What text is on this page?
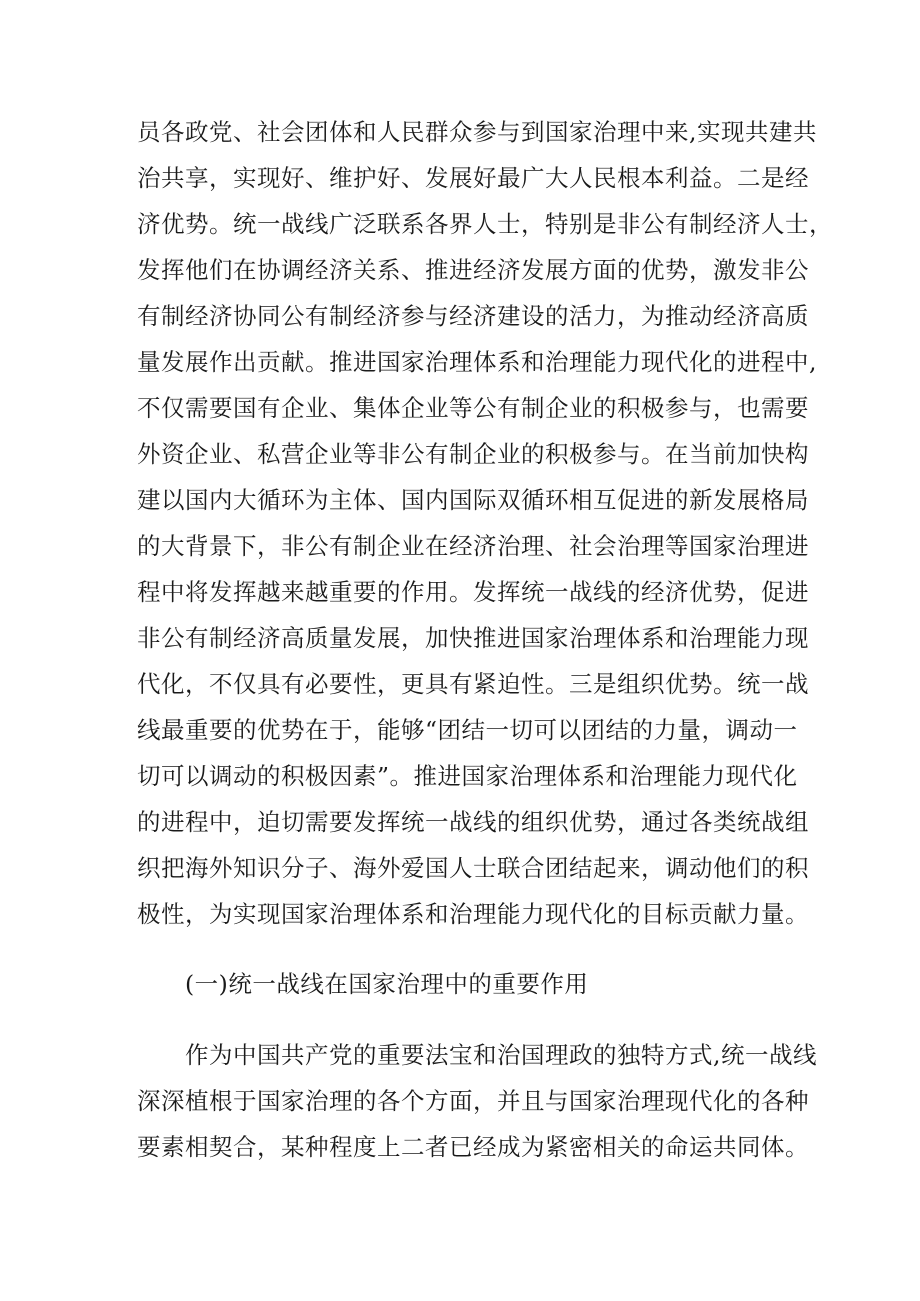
员各政党、社会团体和人民群众参与到国家治理中来,实现共建共
治共享，实现好、维护好、发展好最广大人民根本利益。二是经
济优势。统一战线广泛联系各界人士，特别是非公有制经济人士，
发挥他们在协调经济关系、推进经济发展方面的优势，激发非公
有制经济协同公有制经济参与经济建设的活力，为推动经济高质
量发展作出贡献。推进国家治理体系和治理能力现代化的进程中,
不仅需要国有企业、集体企业等公有制企业的积极参与，也需要
外资企业、私营企业等非公有制企业的积极参与。在当前加快构
建以国内大循环为主体、国内国际双循环相互促进的新发展格局
的大背景下，非公有制企业在经济治理、社会治理等国家治理进
程中将发挥越来越重要的作用。发挥统一战线的经济优势，促进
非公有制经济高质量发展，加快推进国家治理体系和治理能力现
代化，不仅具有必要性，更具有紧迫性。三是组织优势。统一战
线最重要的优势在于，能够“团结一切可以团结的力量，调动一
切可以调动的积极因素”。推进国家治理体系和治理能力现代化
的进程中，迫切需要发挥统一战线的组织优势，通过各类统战组
织把海外知识分子、海外爱国人士联合团结起来，调动他们的积
极性，为实现国家治理体系和治理能力现代化的目标贡献力量。
(一)统一战线在国家治理中的重要作用
作为中国共产党的重要法宝和治国理政的独特方式,统一战线
深深植根于国家治理的各个方面，并且与国家治理现代化的各种
要素相契合，某种程度上二者已经成为紧密相关的命运共同体。
